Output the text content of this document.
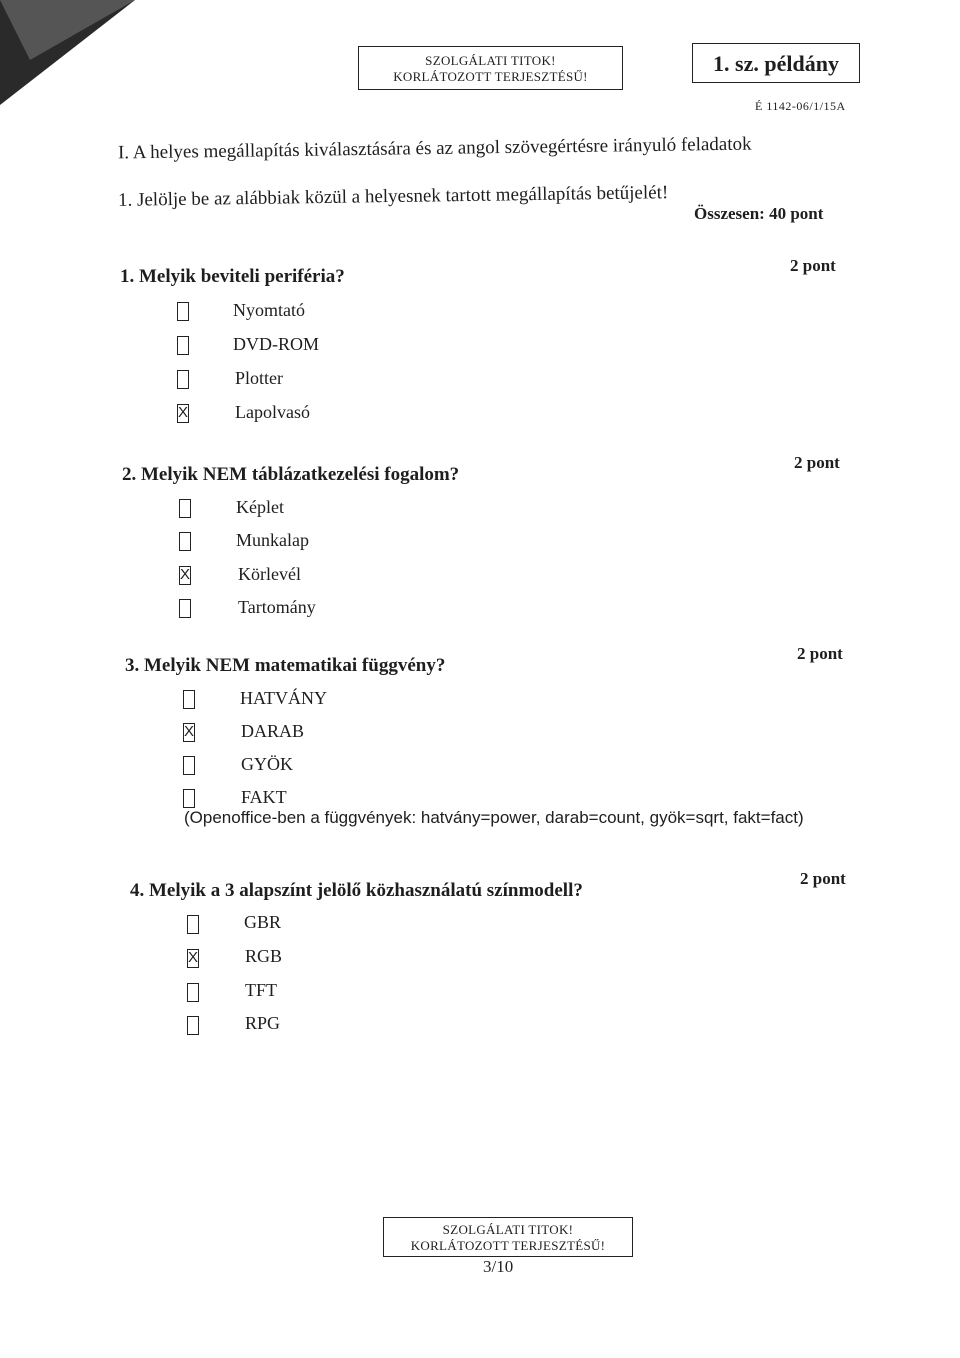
SZOLGÁLATI TITOK!
KORLÁTOZOTT TERJESZTÉSŰ!
1. sz. példány
É 1142-06/1/15A
I. A helyes megállapítás kiválasztására és az angol szövegértésre irányuló feladatok
1. Jelölje be az alábbiak közül a helyesnek tartott megállapítás betűjelét!
Összesen: 40 pont
1. Melyik beviteli periféria?
2 pont
Nyomtató
DVD-ROM
Plotter
X	Lapolvasó
2. Melyik NEM táblázatkezelési fogalom?
2 pont
Képlet
Munkalap
X	Körlevél
Tartomány
3. Melyik NEM matematikai függvény?
2 pont
HATVÁNY
X	DARAB
GYÖK
FAKT
(Openoffice-ben a függvények: hatvány=power, darab=count, gyök=sqrt, fakt=fact)
4. Melyik a 3 alapszínt jelölő közhasználatú színmodell?
2 pont
GBR
X	RGB
TFT
RPG
SZOLGÁLATI TITOK!
KORLÁTOZOTT TERJESZTÉSŰ!
3/10
